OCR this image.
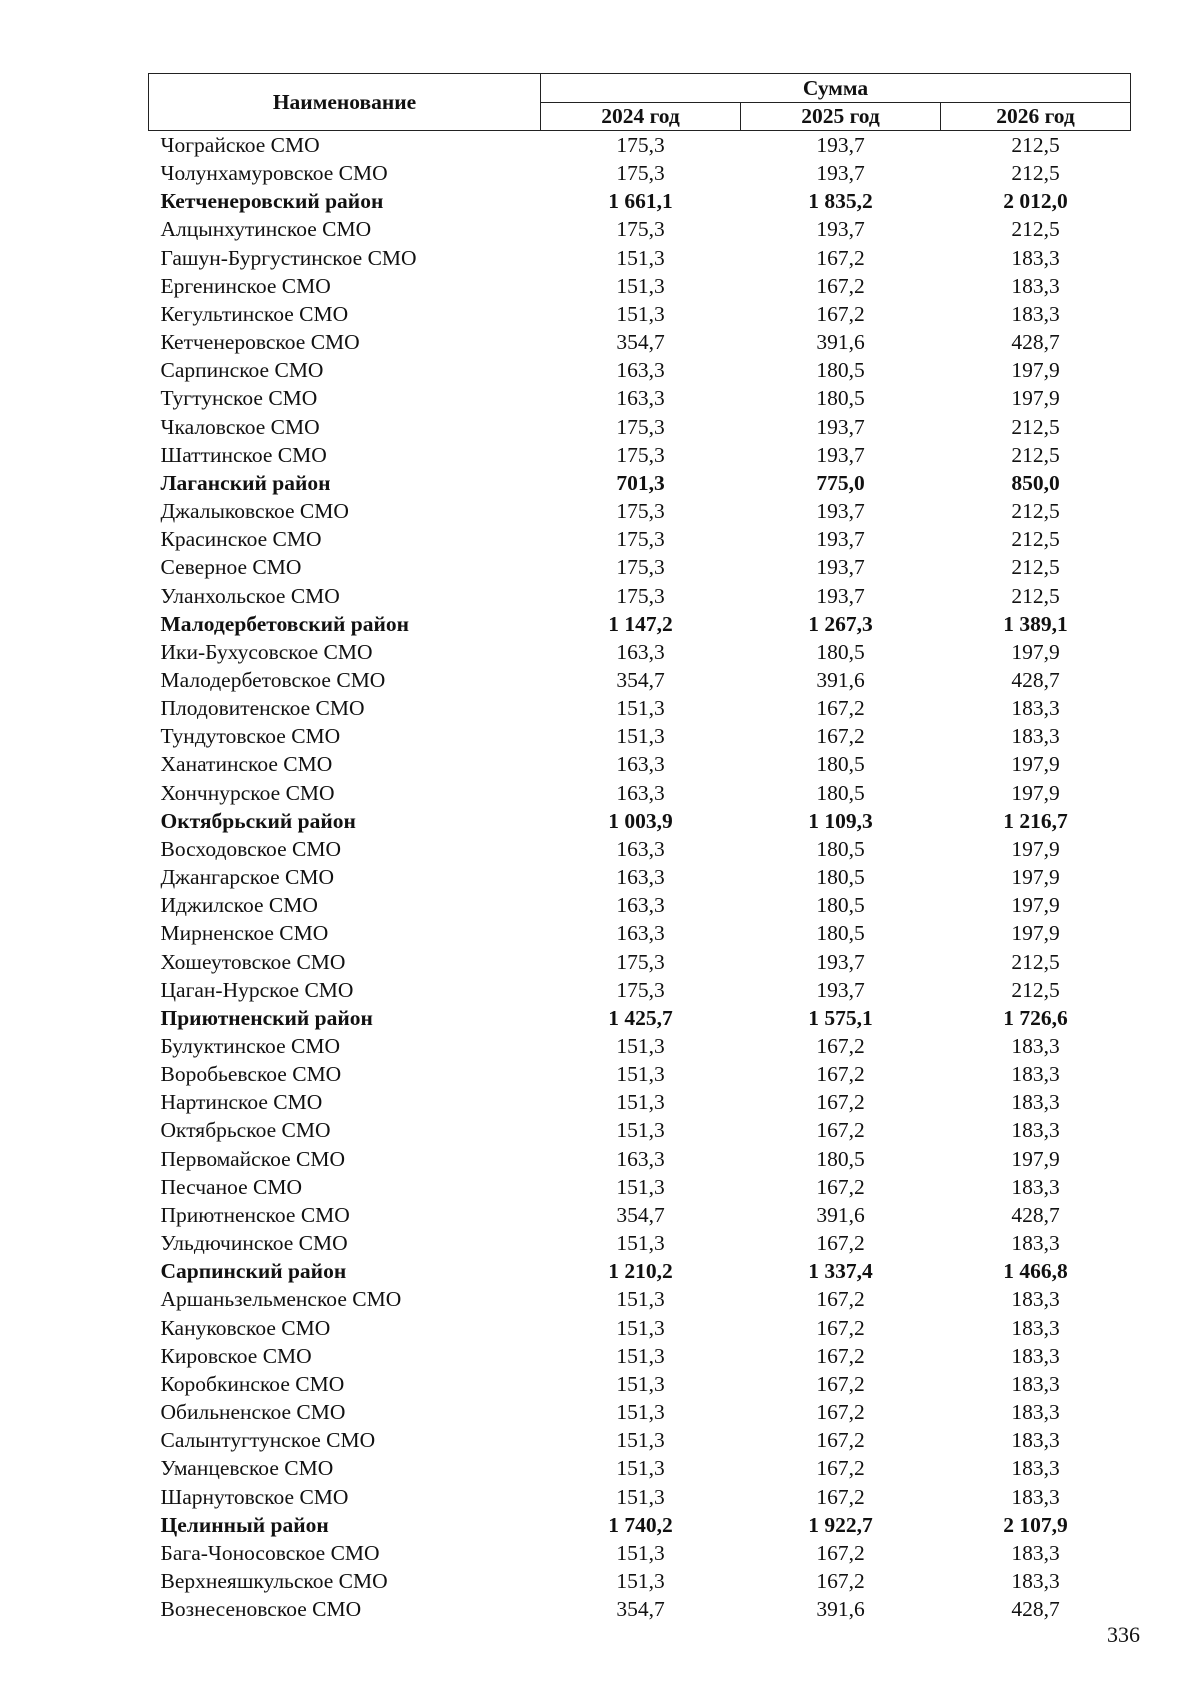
Наименование	Сумма		
	2024 год	2025 год	2026 год
Чограйское СМО	175,3	193,7	212,5
Чолунхамуровское СМО	175,3	193,7	212,5
Кетченеровский район	1 661,1	1 835,2	2 012,0
Алцынхутинское СМО	175,3	193,7	212,5
Гашун-Бургустинское СМО	151,3	167,2	183,3
Ергенинское СМО	151,3	167,2	183,3
Кегультинское СМО	151,3	167,2	183,3
Кетченеровское СМО	354,7	391,6	428,7
Сарпинское СМО	163,3	180,5	197,9
Тугтунское СМО	163,3	180,5	197,9
Чкаловское СМО	175,3	193,7	212,5
Шаттинское СМО	175,3	193,7	212,5
Лаганский район	701,3	775,0	850,0
Джалыковское СМО	175,3	193,7	212,5
Красинское СМО	175,3	193,7	212,5
Северное СМО	175,3	193,7	212,5
Уланхольское СМО	175,3	193,7	212,5
Малодербетовский район	1 147,2	1 267,3	1 389,1
Ики-Бухусовское СМО	163,3	180,5	197,9
Малодербетовское СМО	354,7	391,6	428,7
Плодовитенское СМО	151,3	167,2	183,3
Тундутовское СМО	151,3	167,2	183,3
Ханатинское СМО	163,3	180,5	197,9
Хончнурское СМО	163,3	180,5	197,9
Октябрьский район	1 003,9	1 109,3	1 216,7
Восходовское СМО	163,3	180,5	197,9
Джангарское СМО	163,3	180,5	197,9
Иджилское СМО	163,3	180,5	197,9
Мирненское СМО	163,3	180,5	197,9
Хошеутовское СМО	175,3	193,7	212,5
Цаган-Нурское СМО	175,3	193,7	212,5
Приютненский район	1 425,7	1 575,1	1 726,6
Булуктинское СМО	151,3	167,2	183,3
Воробьевское СМО	151,3	167,2	183,3
Нартинское СМО	151,3	167,2	183,3
Октябрьское СМО	151,3	167,2	183,3
Первомайское СМО	163,3	180,5	197,9
Песчаное СМО	151,3	167,2	183,3
Приютненское СМО	354,7	391,6	428,7
Ульдючинское СМО	151,3	167,2	183,3
Сарпинский район	1 210,2	1 337,4	1 466,8
Аршаньзельменское СМО	151,3	167,2	183,3
Кануковское СМО	151,3	167,2	183,3
Кировское СМО	151,3	167,2	183,3
Коробкинское СМО	151,3	167,2	183,3
Обильненское СМО	151,3	167,2	183,3
Салынтугтунское СМО	151,3	167,2	183,3
Уманцевское СМО	151,3	167,2	183,3
Шарнутовское СМО	151,3	167,2	183,3
Целинный район	1 740,2	1 922,7	2 107,9
Бага-Чоносовское СМО	151,3	167,2	183,3
Верхнеяшкульское СМО	151,3	167,2	183,3
Вознесеновское СМО	354,7	391,6	428,7
336
